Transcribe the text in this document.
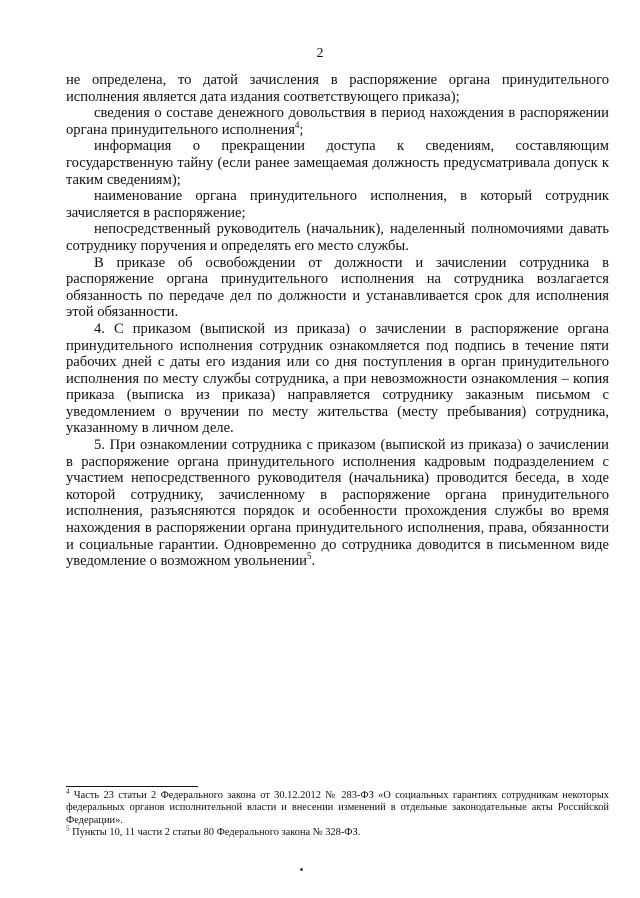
2

не определена, то датой зачисления в распоряжение органа принудительного исполнения является дата издания соответствующего приказа);

сведения о составе денежного довольствия в период нахождения в распоряжении органа принудительного исполнения$^4$;

информация о прекращении доступа к сведениям, составляющим государственную тайну (если ранее замещаемая должность предусматривала допуск к таким сведениям);

наименование органа принудительного исполнения, в который сотрудник зачисляется в распоряжение;

непосредственный руководитель (начальник), наделенный полномочиями давать сотруднику поручения и определять его место службы.

В приказе об освобождении от должности и зачислении сотрудника в распоряжение органа принудительного исполнения на сотрудника возлагается обязанность по передаче дел по должности и устанавливается срок для исполнения этой обязанности.

4. С приказом (выпиской из приказа) о зачислении в распоряжение органа принудительного исполнения сотрудник ознакомляется под подпись в течение пяти рабочих дней с даты его издания или со дня поступления в орган принудительного исполнения по месту службы сотрудника, а при невозможности ознакомления – копия приказа (выписка из приказа) направляется сотруднику заказным письмом с уведомлением о вручении по месту жительства (месту пребывания) сотрудника, указанному в личном деле.

5. При ознакомлении сотрудника с приказом (выпиской из приказа) о зачислении в распоряжение органа принудительного исполнения кадровым подразделением с участием непосредственного руководителя (начальника) проводится беседа, в ходе которой сотруднику, зачисленному в распоряжение органа принудительного исполнения, разъясняются порядок и особенности прохождения службы во время нахождения в распоряжении органа принудительного исполнения, права, обязанности и социальные гарантии. Одновременно до сотрудника доводится в письменном виде уведомление о возможном увольнении$^5$.

$^4$ Часть 23 статьи 2 Федерального закона от 30.12.2012 № 283-ФЗ «О социальных гарантиях сотрудникам некоторых федеральных органов исполнительной власти и внесении изменений в отдельные законодательные акты Российской Федерации».

$^5$ Пункты 10, 11 части 2 статьи 80 Федерального закона № 328-ФЗ.
